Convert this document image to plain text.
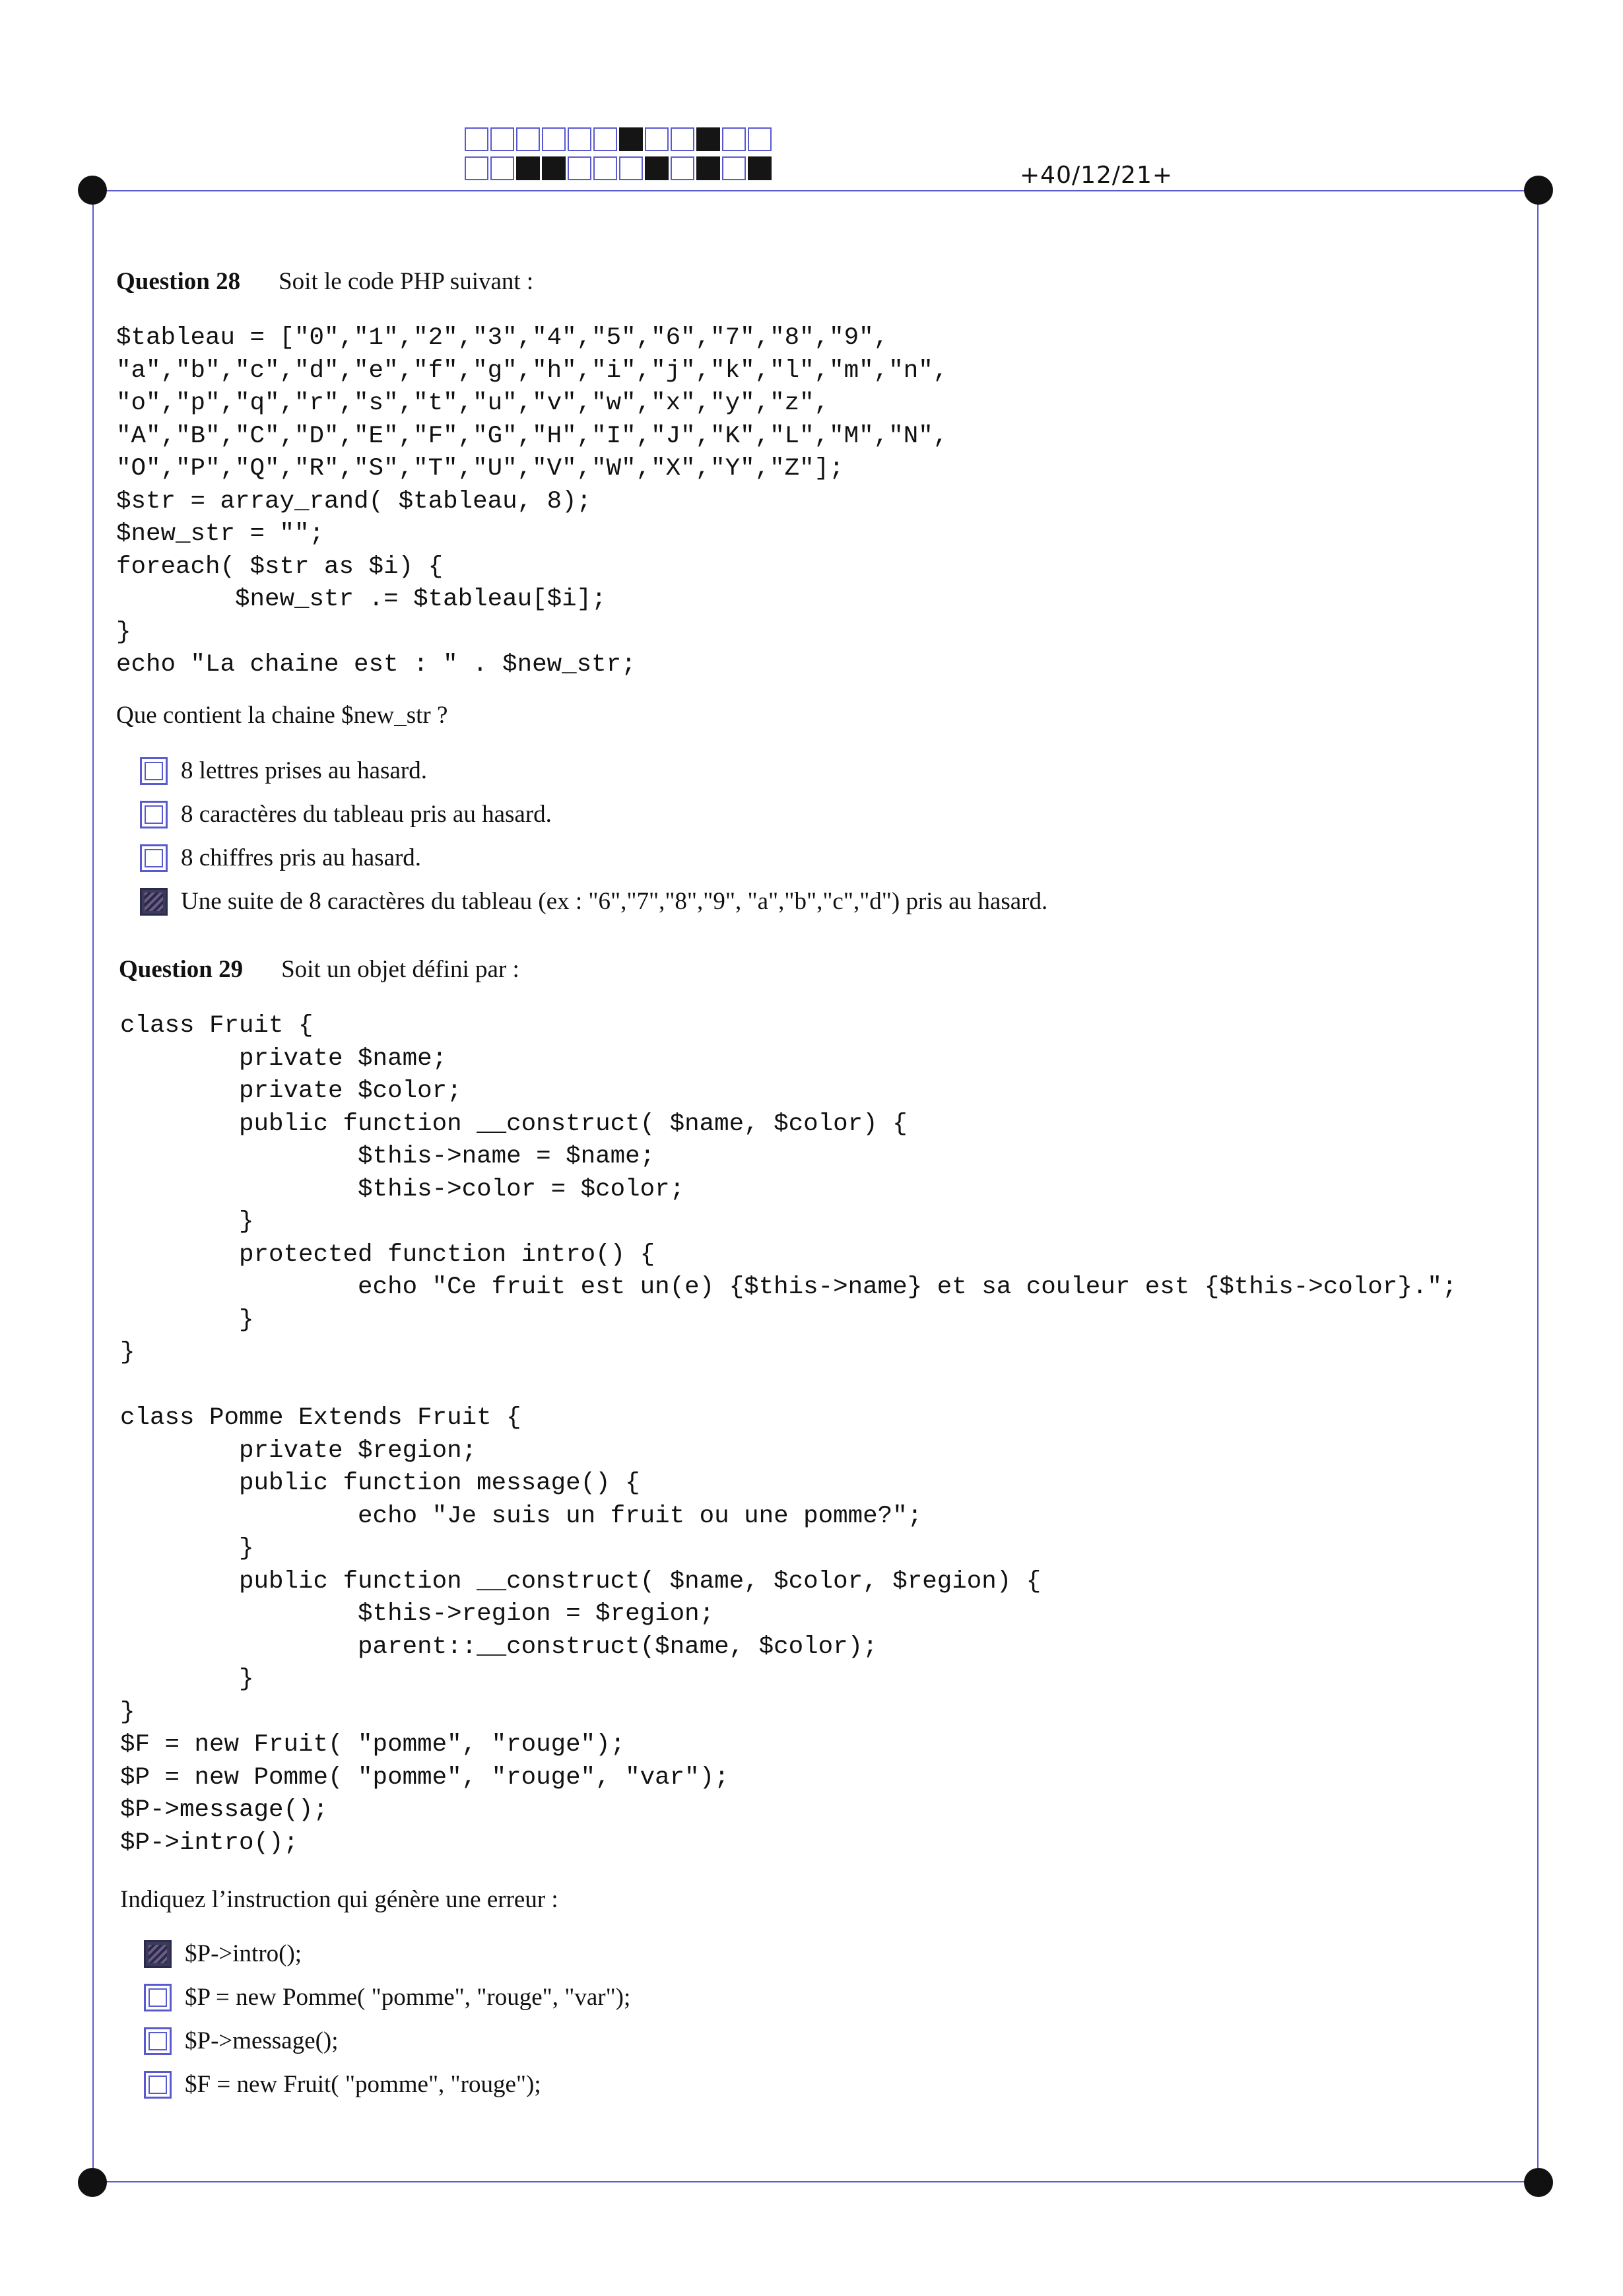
+40/12/21+
Question 28 Soit le code PHP suivant :
$tableau = ["0","1","2","3","4","5","6","7","8","9",
"a","b","c","d","e","f","g","h","i","j","k","l","m","n",
"o","p","q","r","s","t","u","v","w","x","y","z",
"A","B","C","D","E","F","G","H","I","J","K","L","M","N",
"O","P","Q","R","S","T","U","V","W","X","Y","Z"];
$str = array_rand( $tableau, 8);
$new_str = "";
foreach( $str as $i) {
$new_str .= $tableau[$i];
}
echo "La chaine est : " . $new_str;
Que contient la chaine $new_str ?
8 lettres prises au hasard.
8 caractères du tableau pris au hasard.
8 chiffres pris au hasard.
Une suite de 8 caractères du tableau (ex : "6","7","8","9", "a","b","c","d") pris au hasard.
Question 29 Soit un objet défini par :
class Fruit {
private $name;
private $color;
public function __construct( $name, $color) {
$this->name = $name;
$this->color = $color;
}
protected function intro() {
echo "Ce fruit est un(e) {$this->name} et sa couleur est {$this->color}.";
}
}

class Pomme Extends Fruit {
private $region;
public function message() {
echo "Je suis un fruit ou une pomme?";
}
public function __construct( $name, $color, $region) {
$this->region = $region;
parent::__construct($name, $color);
}
}
$F = new Fruit( "pomme", "rouge");
$P = new Pomme( "pomme", "rouge", "var");
$P->message();
$P->intro();
Indiquez l’instruction qui génère une erreur :
$P->intro();
$P = new Pomme( "pomme", "rouge", "var");
$P->message();
$F = new Fruit( "pomme", "rouge");
